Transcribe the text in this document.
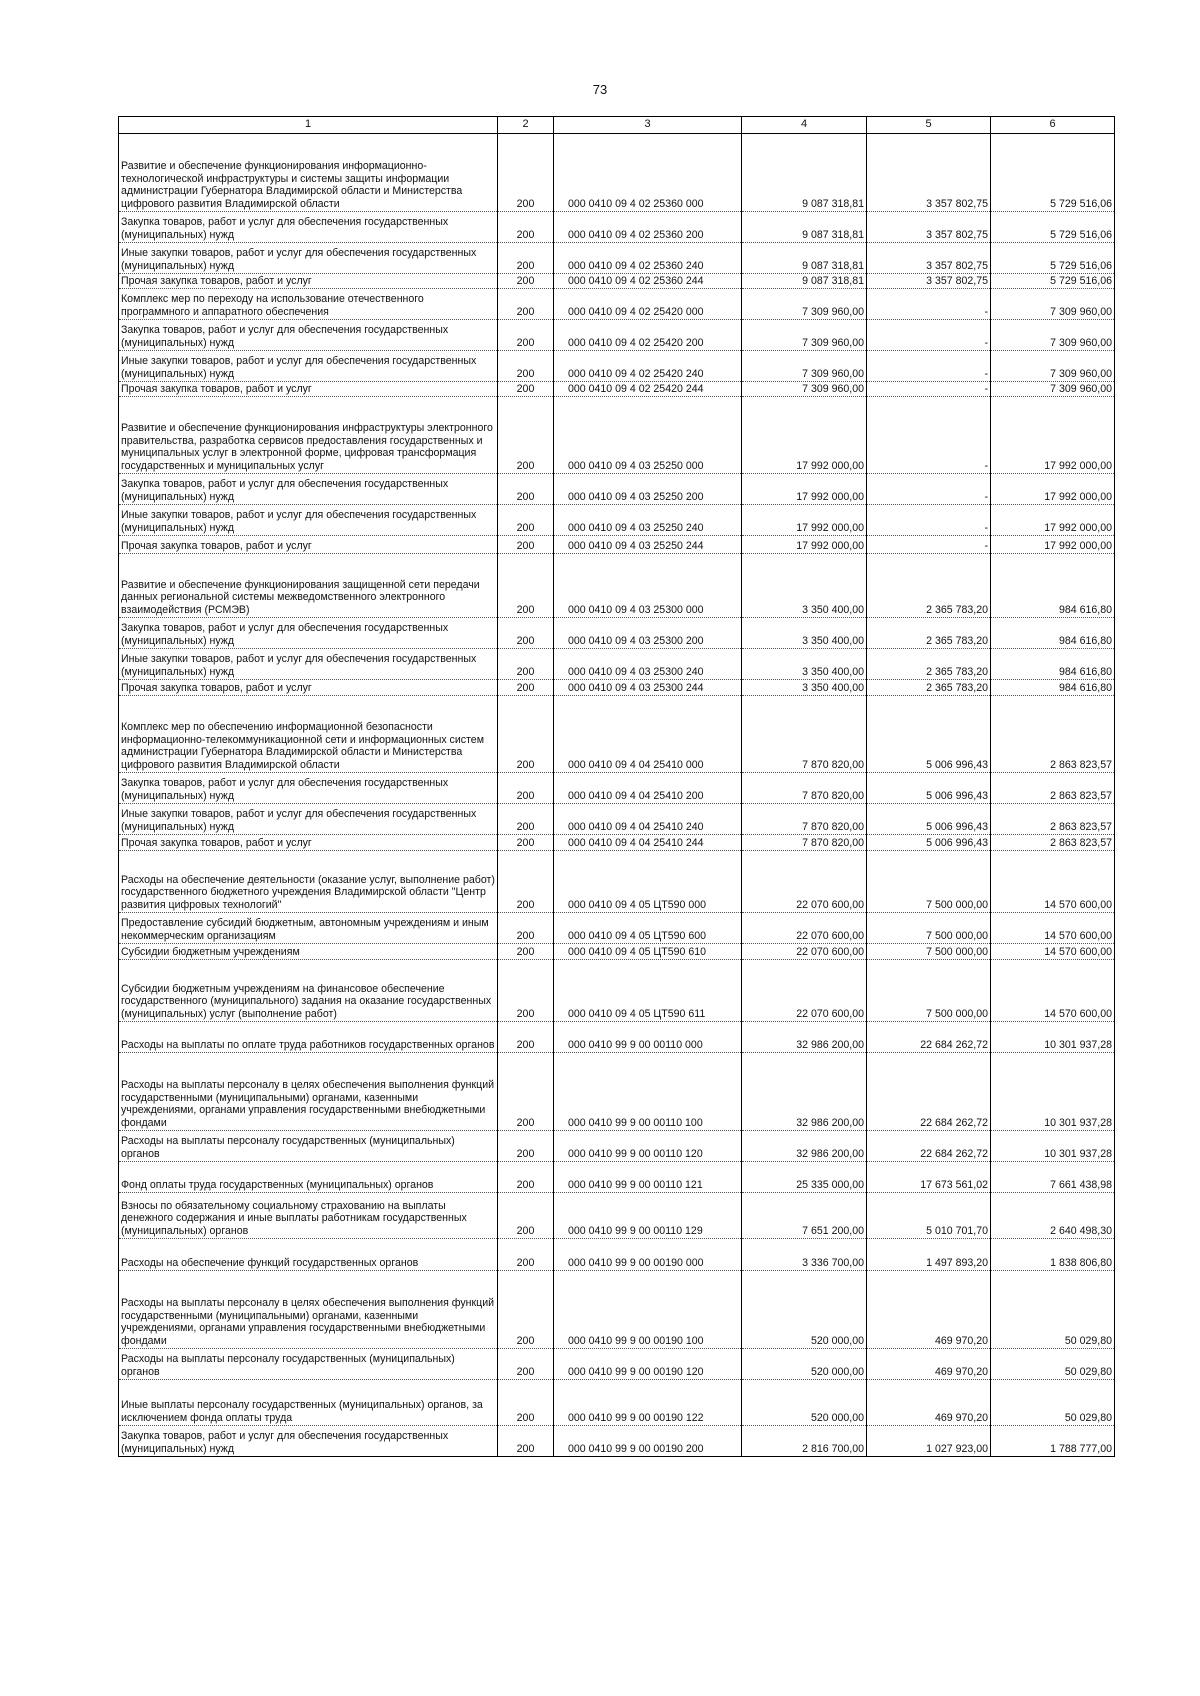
73
1	2	3	4	5	6
Развитие и обеспечение функционирования информационно-технологической инфраструктуры и системы защиты информации администрации Губернатора Владимирской области и Министерства цифрового развития Владимирской области	200	000 0410 09 4 02 25360 000	9 087 318,81	3 357 802,75	5 729 516,06
Закупка товаров, работ и услуг для обеспечения государственных (муниципальных) нужд	200	000 0410 09 4 02 25360 200	9 087 318,81	3 357 802,75	5 729 516,06
Иные закупки товаров, работ и услуг для обеспечения государственных (муниципальных) нужд	200	000 0410 09 4 02 25360 240	9 087 318,81	3 357 802,75	5 729 516,06
Прочая закупка товаров, работ и услуг	200	000 0410 09 4 02 25360 244	9 087 318,81	3 357 802,75	5 729 516,06
Комплекс мер по переходу на использование отечественного программного и аппаратного обеспечения	200	000 0410 09 4 02 25420 000	7 309 960,00	-	7 309 960,00
Закупка товаров, работ и услуг для обеспечения государственных (муниципальных) нужд	200	000 0410 09 4 02 25420 200	7 309 960,00	-	7 309 960,00
Иные закупки товаров, работ и услуг для обеспечения государственных (муниципальных) нужд	200	000 0410 09 4 02 25420 240	7 309 960,00	-	7 309 960,00
Прочая закупка товаров, работ и услуг	200	000 0410 09 4 02 25420 244	7 309 960,00	-	7 309 960,00
Развитие и обеспечение функционирования инфраструктуры электронного правительства, разработка сервисов предоставления государственных и муниципальных услуг в электронной форме, цифровая трансформация государственных и муниципальных услуг	200	000 0410 09 4 03 25250 000	17 992 000,00	-	17 992 000,00
Закупка товаров, работ и услуг для обеспечения государственных (муниципальных) нужд	200	000 0410 09 4 03 25250 200	17 992 000,00	-	17 992 000,00
Иные закупки товаров, работ и услуг для обеспечения государственных (муниципальных) нужд	200	000 0410 09 4 03 25250 240	17 992 000,00	-	17 992 000,00
Прочая закупка товаров, работ и услуг	200	000 0410 09 4 03 25250 244	17 992 000,00	-	17 992 000,00
Развитие и обеспечение функционирования защищенной сети передачи данных региональной системы межведомственного электронного взаимодействия (РСМЭВ)	200	000 0410 09 4 03 25300 000	3 350 400,00	2 365 783,20	984 616,80
Закупка товаров, работ и услуг для обеспечения государственных (муниципальных) нужд	200	000 0410 09 4 03 25300 200	3 350 400,00	2 365 783,20	984 616,80
Иные закупки товаров, работ и услуг для обеспечения государственных (муниципальных) нужд	200	000 0410 09 4 03 25300 240	3 350 400,00	2 365 783,20	984 616,80
Прочая закупка товаров, работ и услуг	200	000 0410 09 4 03 25300 244	3 350 400,00	2 365 783,20	984 616,80
Комплекс мер по обеспечению информационной безопасности информационно-телекоммуникационной сети и информационных систем администрации Губернатора Владимирской области и Министерства цифрового развития Владимирской области	200	000 0410 09 4 04 25410 000	7 870 820,00	5 006 996,43	2 863 823,57
Закупка товаров, работ и услуг для обеспечения государственных (муниципальных) нужд	200	000 0410 09 4 04 25410 200	7 870 820,00	5 006 996,43	2 863 823,57
Иные закупки товаров, работ и услуг для обеспечения государственных (муниципальных) нужд	200	000 0410 09 4 04 25410 240	7 870 820,00	5 006 996,43	2 863 823,57
Прочая закупка товаров, работ и услуг	200	000 0410 09 4 04 25410 244	7 870 820,00	5 006 996,43	2 863 823,57
Расходы на обеспечение деятельности (оказание услуг, выполнение работ) государственного бюджетного учреждения Владимирской области "Центр развития цифровых технологий"	200	000 0410 09 4 05 ЦТ590 000	22 070 600,00	7 500 000,00	14 570 600,00
Предоставление субсидий бюджетным, автономным учреждениям и иным некоммерческим организациям	200	000 0410 09 4 05 ЦТ590 600	22 070 600,00	7 500 000,00	14 570 600,00
Субсидии бюджетным учреждениям	200	000 0410 09 4 05 ЦТ590 610	22 070 600,00	7 500 000,00	14 570 600,00
Субсидии бюджетным учреждениям на финансовое обеспечение государственного (муниципального) задания на оказание государственных (муниципальных) услуг (выполнение работ)	200	000 0410 09 4 05 ЦТ590 611	22 070 600,00	7 500 000,00	14 570 600,00
Расходы на выплаты по оплате труда работников государственных органов	200	000 0410 99 9 00 00110 000	32 986 200,00	22 684 262,72	10 301 937,28
Расходы на выплаты персоналу в целях обеспечения выполнения функций государственными (муниципальными) органами, казенными учреждениями, органами управления государственными внебюджетными фондами	200	000 0410 99 9 00 00110 100	32 986 200,00	22 684 262,72	10 301 937,28
Расходы на выплаты персоналу государственных (муниципальных) органов	200	000 0410 99 9 00 00110 120	32 986 200,00	22 684 262,72	10 301 937,28
Фонд оплаты труда государственных (муниципальных) органов	200	000 0410 99 9 00 00110 121	25 335 000,00	17 673 561,02	7 661 438,98
Взносы по обязательному социальному страхованию на выплаты денежного содержания и иные выплаты работникам государственных (муниципальных) органов	200	000 0410 99 9 00 00110 129	7 651 200,00	5 010 701,70	2 640 498,30
Расходы на обеспечение функций государственных органов	200	000 0410 99 9 00 00190 000	3 336 700,00	1 497 893,20	1 838 806,80
Расходы на выплаты персоналу в целях обеспечения выполнения функций государственными (муниципальными) органами, казенными учреждениями, органами управления государственными внебюджетными фондами	200	000 0410 99 9 00 00190 100	520 000,00	469 970,20	50 029,80
Расходы на выплаты персоналу государственных (муниципальных) органов	200	000 0410 99 9 00 00190 120	520 000,00	469 970,20	50 029,80
Иные выплаты персоналу государственных (муниципальных) органов, за исключением фонда оплаты труда	200	000 0410 99 9 00 00190 122	520 000,00	469 970,20	50 029,80
Закупка товаров, работ и услуг для обеспечения государственных (муниципальных) нужд	200	000 0410 99 9 00 00190 200	2 816 700,00	1 027 923,00	1 788 777,00
